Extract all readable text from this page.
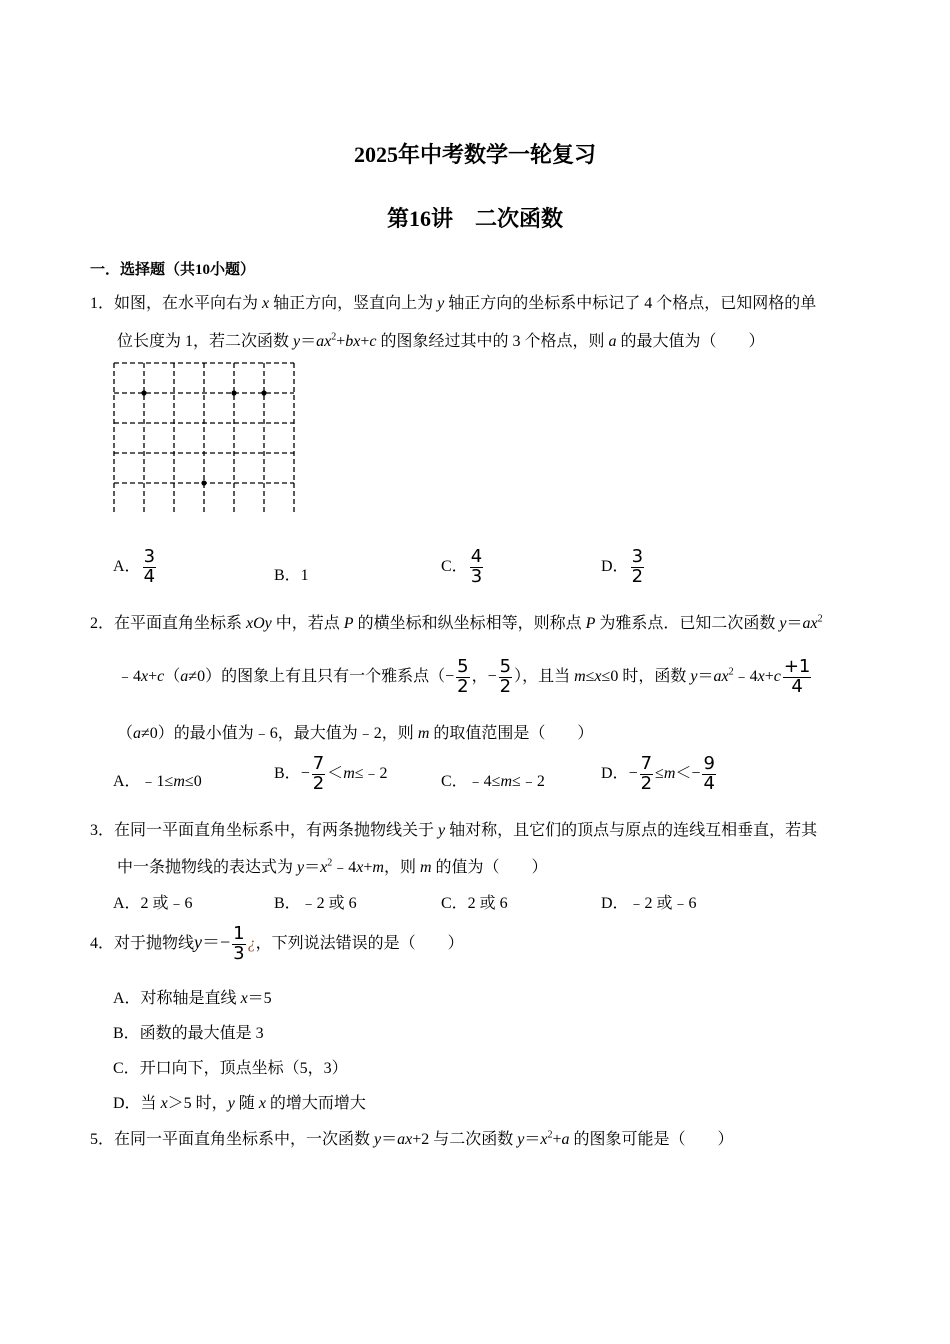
2025年中考数学一轮复习
第16讲　二次函数
一．选择题（共10小题）
1．如图，在水平向右为 x 轴正方向，竖直向上为 y 轴正方向的坐标系中标记了 4 个格点，已知网格的单
位长度为 1，若二次函数 $y=ax^2+bx+c$ 的图象经过其中的 3 个格点，则 a 的最大值为（　　）
A． $\frac{3}{4}$	B．1
C． $\frac{4}{3}$	D． $\frac{3}{2}$
2．在平面直角坐标系 xOy 中，若点 P 的横坐标和纵坐标相等，则称点 P 为雅系点．已知二次函数 $y=ax^2$
﹣4x+c（a≠0）的图象上有且只有一个雅系点（− $\frac{5}{2}$ ，− $\frac{5}{2}$ ），且当 m≤x≤0 时，函数 $y=ax^2﹣4x+c \frac{+1}{4}$
（a≠0）的最小值为﹣6，最大值为﹣2，则 m 的取值范围是（　　）
A．﹣1≤m≤0	B．− $\frac{7}{2}$ ＜m≤﹣2	C．﹣4≤m≤﹣2	D．− $\frac{7}{2} \le m<- \frac{9}{4}$
3．在同一平面直角坐标系中，有两条抛物线关于 y 轴对称，且它们的顶点与原点的连线互相垂直，若其
中一条抛物线的表达式为 $y=x^2﹣4x+m$，则 m 的值为（　　）
A．2 或﹣6	B．﹣2 或 6	C．2 或 6	D．﹣2 或﹣6
4．对于抛物线$y=- \frac{1}{3}$ ¿，下列说法错误的是（　　）
A．对称轴是直线 x＝5
B．函数的最大值是 3
C．开口向下，顶点坐标（5，3）
D．当 x＞5 时，y 随 x 的增大而增大
5．在同一平面直角坐标系中，一次函数 y＝ax+2 与二次函数 $y=x^2+a$ 的图象可能是（　　）
